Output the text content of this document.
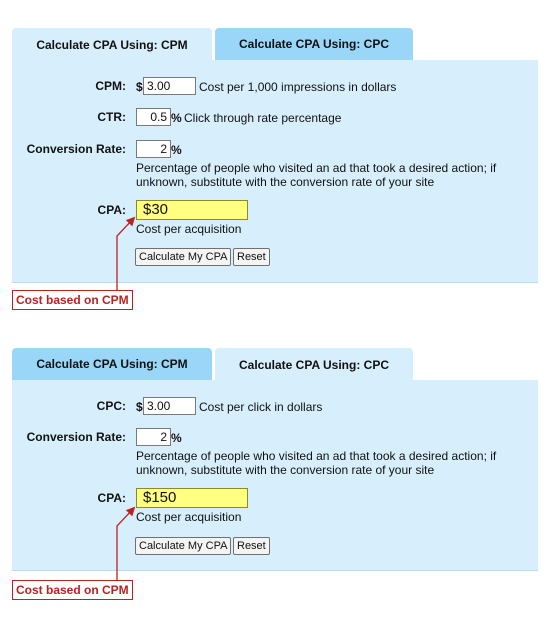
Calculate CPA Using: CPM	Calculate CPA Using: CPC
CPM: $ 3.00	Cost per 1,000 impressions in dollars
CTR:	0.5 % Click through rate percentage
Conversion Rate:	2 %
Percentage of people who visited an ad that took a desired action; if unknown, substitute with the conversion rate of your site
CPA:	$30
Cost per acquisition
Calculate My CPA Reset
Calculate CPA Using: CPM	Calculate CPA Using: CPC
CPC: $ 3.00	Cost per click in dollars
Conversion Rate:	2 %
Percentage of people who visited an ad that took a desired action; if unknown, substitute with the conversion rate of your site
CPA:	$150
Cost per acquisition
Calculate My CPA Reset
Cost based on CPM
Cost based on CPM
